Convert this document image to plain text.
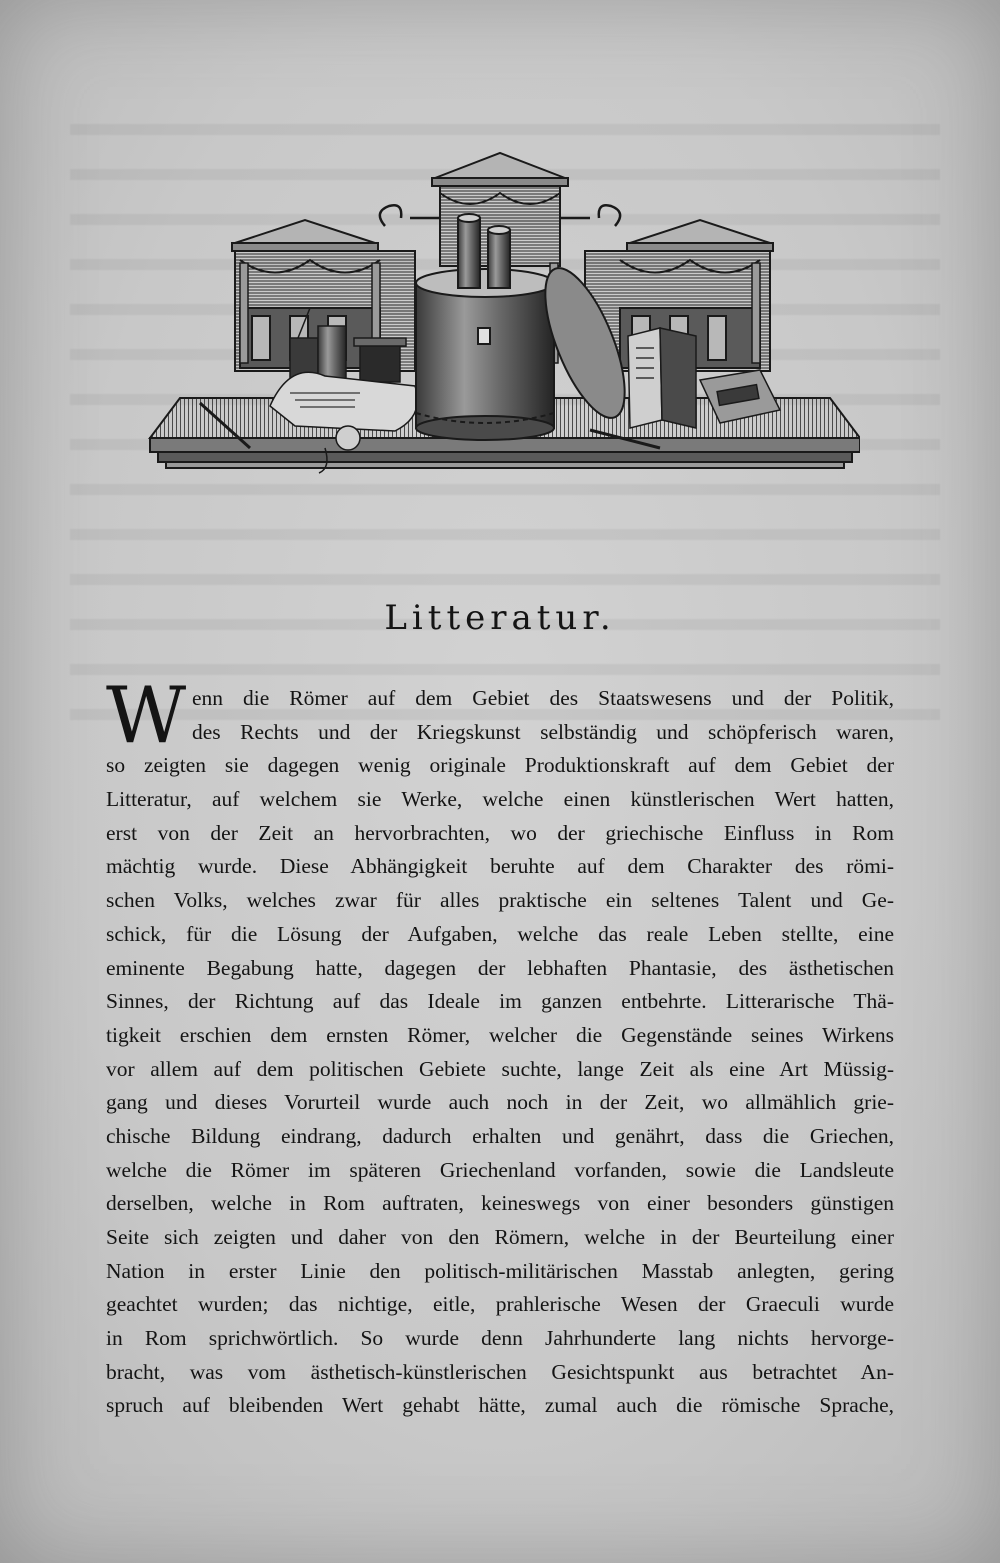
Litteratur.
W enn die Römer auf dem Gebiet des Staatswesens und der Politik,
des Rechts und der Kriegskunst selbständig und schöpferisch waren,
so zeigten sie dagegen wenig originale Produktionskraft auf dem Gebiet der
Litteratur, auf welchem sie Werke, welche einen künstlerischen Wert hatten,
erst von der Zeit an hervorbrachten, wo der griechische Einfluss in Rom
mächtig wurde. Diese Abhängigkeit beruhte auf dem Charakter des römi-
schen Volks, welches zwar für alles praktische ein seltenes Talent und Ge-
schick, für die Lösung der Aufgaben, welche das reale Leben stellte, eine
eminente Begabung hatte, dagegen der lebhaften Phantasie, des ästhetischen
Sinnes, der Richtung auf das Ideale im ganzen entbehrte. Litterarische Thä-
tigkeit erschien dem ernsten Römer, welcher die Gegenstände seines Wirkens
vor allem auf dem politischen Gebiete suchte, lange Zeit als eine Art Müssig-
gang und dieses Vorurteil wurde auch noch in der Zeit, wo allmählich grie-
chische Bildung eindrang, dadurch erhalten und genährt, dass die Griechen,
welche die Römer im späteren Griechenland vorfanden, sowie die Landsleute
derselben, welche in Rom auftraten, keineswegs von einer besonders günstigen
Seite sich zeigten und daher von den Römern, welche in der Beurteilung einer
Nation in erster Linie den politisch-militärischen Masstab anlegten, gering
geachtet wurden; das nichtige, eitle, prahlerische Wesen der Graeculi wurde
in Rom sprichwörtlich. So wurde denn Jahrhunderte lang nichts hervorge-
bracht, was vom ästhetisch-künstlerischen Gesichtspunkt aus betrachtet An-
spruch auf bleibenden Wert gehabt hätte, zumal auch die römische Sprache,
